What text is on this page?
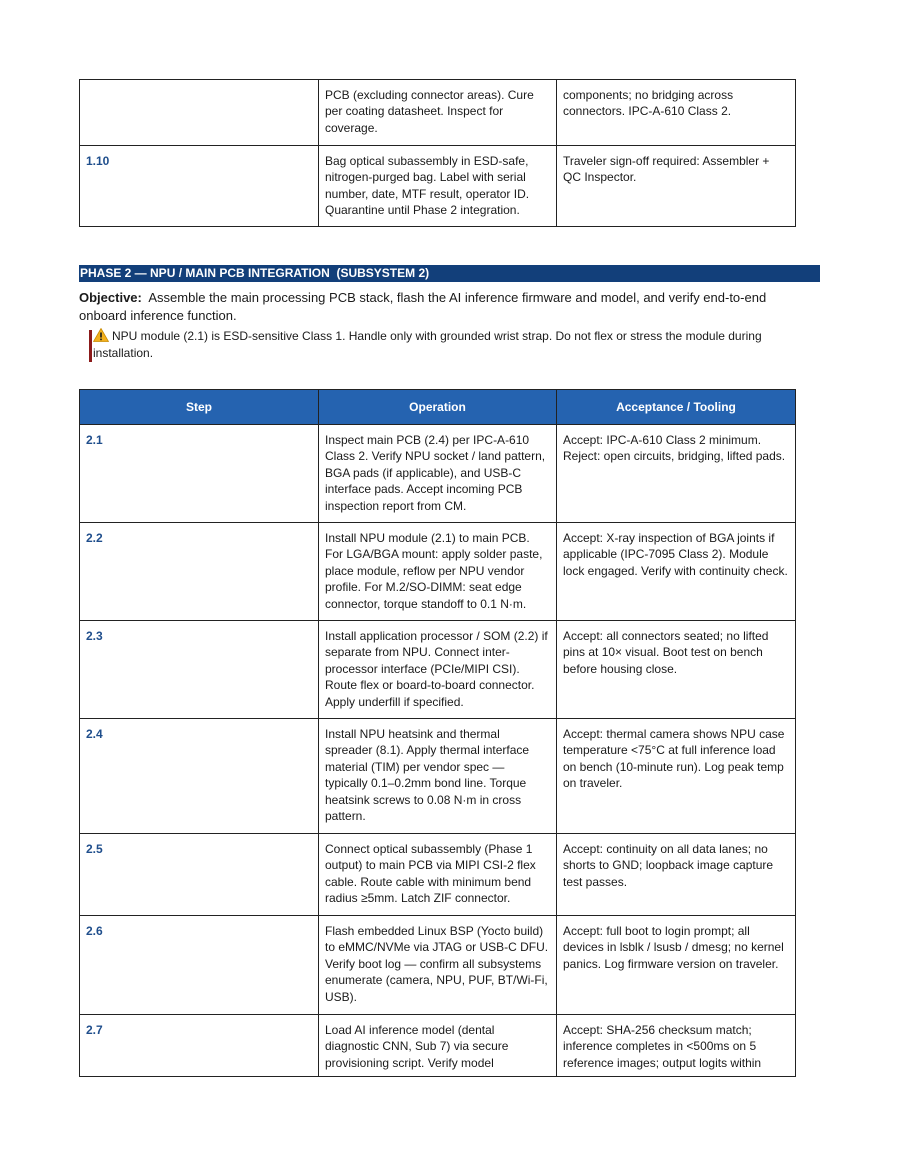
	PCB (excluding connector areas). Cure per coating datasheet. Inspect for coverage.	components; no bridging across connectors. IPC-A-610 Class 2.
1.10	Bag optical subassembly in ESD-safe, nitrogen-purged bag. Label with serial number, date, MTF result, operator ID. Quarantine until Phase 2 integration.	Traveler sign-off required: Assembler + QC Inspector.
PHASE 2 — NPU / MAIN PCB INTEGRATION  (SUBSYSTEM 2)
Objective: Assemble the main processing PCB stack, flash the AI inference firmware and model, and verify end-to-end onboard inference function.
NPU module (2.1) is ESD-sensitive Class 1. Handle only with grounded wrist strap. Do not flex or stress the module during installation.
Step	Operation	Acceptance / Tooling
2.1	Inspect main PCB (2.4) per IPC-A-610 Class 2. Verify NPU socket / land pattern, BGA pads (if applicable), and USB-C interface pads. Accept incoming PCB inspection report from CM.	Accept: IPC-A-610 Class 2 minimum. Reject: open circuits, bridging, lifted pads.
2.2	Install NPU module (2.1) to main PCB. For LGA/BGA mount: apply solder paste, place module, reflow per NPU vendor profile. For M.2/SO-DIMM: seat edge connector, torque standoff to 0.1 N·m.	Accept: X-ray inspection of BGA joints if applicable (IPC-7095 Class 2). Module lock engaged. Verify with continuity check.
2.3	Install application processor / SOM (2.2) if separate from NPU. Connect inter-processor interface (PCIe/MIPI CSI). Route flex or board-to-board connector. Apply underfill if specified.	Accept: all connectors seated; no lifted pins at 10× visual. Boot test on bench before housing close.
2.4	Install NPU heatsink and thermal spreader (8.1). Apply thermal interface material (TIM) per vendor spec — typically 0.1–0.2mm bond line. Torque heatsink screws to 0.08 N·m in cross pattern.	Accept: thermal camera shows NPU case temperature <75°C at full inference load on bench (10-minute run). Log peak temp on traveler.
2.5	Connect optical subassembly (Phase 1 output) to main PCB via MIPI CSI-2 flex cable. Route cable with minimum bend radius ≥5mm. Latch ZIF connector.	Accept: continuity on all data lanes; no shorts to GND; loopback image capture test passes.
2.6	Flash embedded Linux BSP (Yocto build) to eMMC/NVMe via JTAG or USB-C DFU. Verify boot log — confirm all subsystems enumerate (camera, NPU, PUF, BT/Wi-Fi, USB).	Accept: full boot to login prompt; all devices in lsblk / lsusb / dmesg; no kernel panics. Log firmware version on traveler.
2.7	Load AI inference model (dental diagnostic CNN, Sub 7) via secure provisioning script. Verify model	Accept: SHA-256 checksum match; inference completes in <500ms on 5 reference images; output logits within
